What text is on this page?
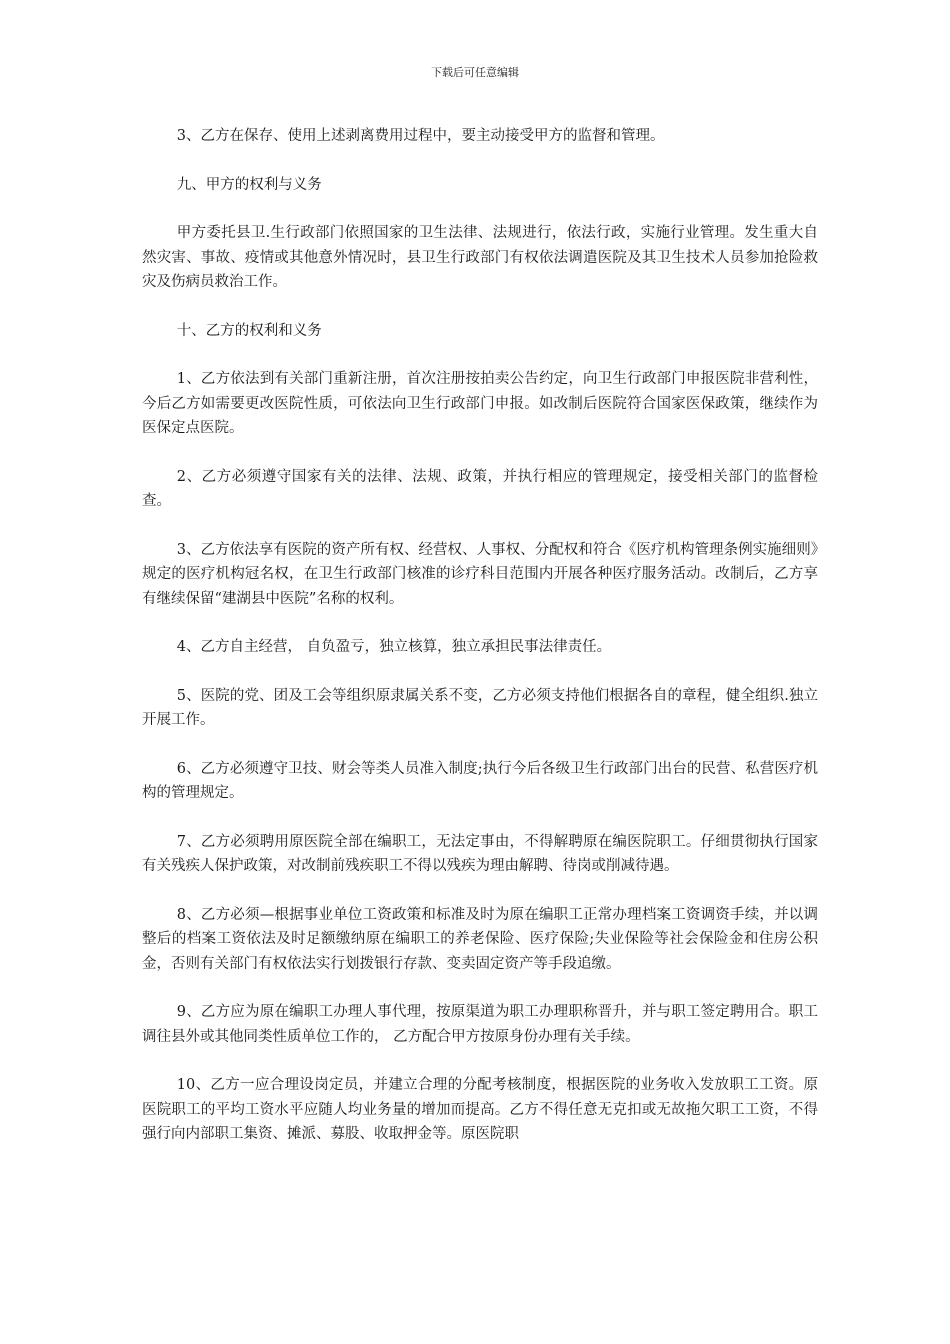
下载后可任意编辑

3、乙方在保存、使用上述剥离费用过程中，要主动接受甲方的监督和管理。

九、甲方的权利与义务

甲方委托县卫.生行政部门依照国家的卫生法律、法规进行，依法行政，实施行业管理。发生重大自然灾害、事故、疫情或其他意外情况时，县卫生行政部门有权依法调遣医院及其卫生技术人员参加抢险救灾及伤病员救治工作。

十、乙方的权利和义务

1、乙方依法到有关部门重新注册，首次注册按拍卖公告约定，向卫生行政部门申报医院非营利性，今后乙方如需要更改医院性质，可依法向卫生行政部门申报。如改制后医院符合国家医保政策，继续作为医保定点医院。

2、乙方必须遵守国家有关的法律、法规、政策，并执行相应的管理规定，接受相关部门的监督检查。

3、乙方依法享有医院的资产所有权、经营权、人事权、分配权和符合《医疗机构管理条例实施细则》规定的医疗机构冠名权，在卫生行政部门核准的诊疗科目范围内开展各种医疗服务活动。改制后，乙方享有继续保留“建湖县中医院”名称的权利。

4、乙方自主经营， 自负盈亏，独立核算，独立承担民事法律责任。

5、医院的党、团及工会等组织原隶属关系不变，乙方必须支持他们根据各自的章程，健全组织.独立开展工作。

6、乙方必须遵守卫技、财会等类人员准入制度;执行今后各级卫生行政部门出台的民营、私营医疗机构的管理规定。

7、乙方必须聘用原医院全部在编职工，无法定事由，不得解聘原在编医院职工。仔细贯彻执行国家有关残疾人保护政策，对改制前残疾职工不得以残疾为理由解聘、待岗或削减待遇。

8、乙方必须—根据事业单位工资政策和标准及时为原在编职工正常办理档案工资调资手续，并以调整后的档案工资依法及时足额缴纳原在编职工的养老保险、医疗保险;失业保险等社会保险金和住房公积金，否则有关部门有权依法实行划拨银行存款、变卖固定资产等手段追缴。

9、乙方应为原在编职工办理人事代理，按原渠道为职工办理职称晋升，并与职工签定聘用合。职工调往县外或其他同类性质单位工作的， 乙方配合甲方按原身份办理有关手续。

10、乙方一应合理设岗定员，并建立合理的分配考核制度，根据医院的业务收入发放职工工资。原医院职工的平均工资水平应随人均业务量的增加而提高。乙方不得任意无克扣或无故拖欠职工工资，不得强行向内部职工集资、摊派、募股、收取押金等。原医院职
